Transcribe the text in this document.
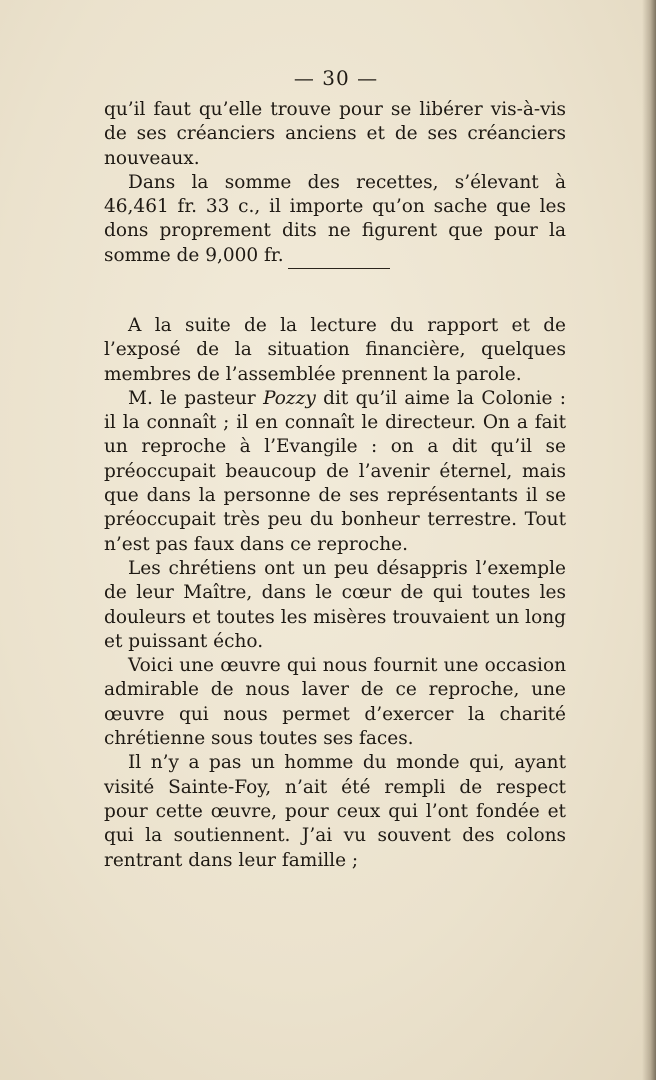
— 30 —

qu’il faut qu’elle trouve pour se libérer vis-à-vis de ses créanciers anciens et de ses créanciers nouveaux.

Dans la somme des recettes, s’élevant à 46,461 fr. 33 c., il importe qu’on sache que les dons proprement dits ne figurent que pour la somme de 9,000 fr.

A la suite de la lecture du rapport et de l’exposé de la situation financière, quelques membres de l’assemblée prennent la parole.

M. le pasteur Pozzy dit qu’il aime la Colonie : il la connaît ; il en connaît le directeur. On a fait un reproche à l’Evangile : on a dit qu’il se préoccupait beaucoup de l’avenir éternel, mais que dans la personne de ses représentants il se préoccupait très peu du bonheur terrestre. Tout n’est pas faux dans ce reproche.

Les chrétiens ont un peu désappris l’exemple de leur Maître, dans le cœur de qui toutes les douleurs et toutes les misères trouvaient un long et puissant écho.

Voici une œuvre qui nous fournit une occasion admirable de nous laver de ce reproche, une œuvre qui nous permet d’exercer la charité chrétienne sous toutes ses faces.

Il n’y a pas un homme du monde qui, ayant visité Sainte-Foy, n’ait été rempli de respect pour cette œuvre, pour ceux qui l’ont fondée et qui la soutiennent. J’ai vu souvent des colons rentrant dans leur famille ;
